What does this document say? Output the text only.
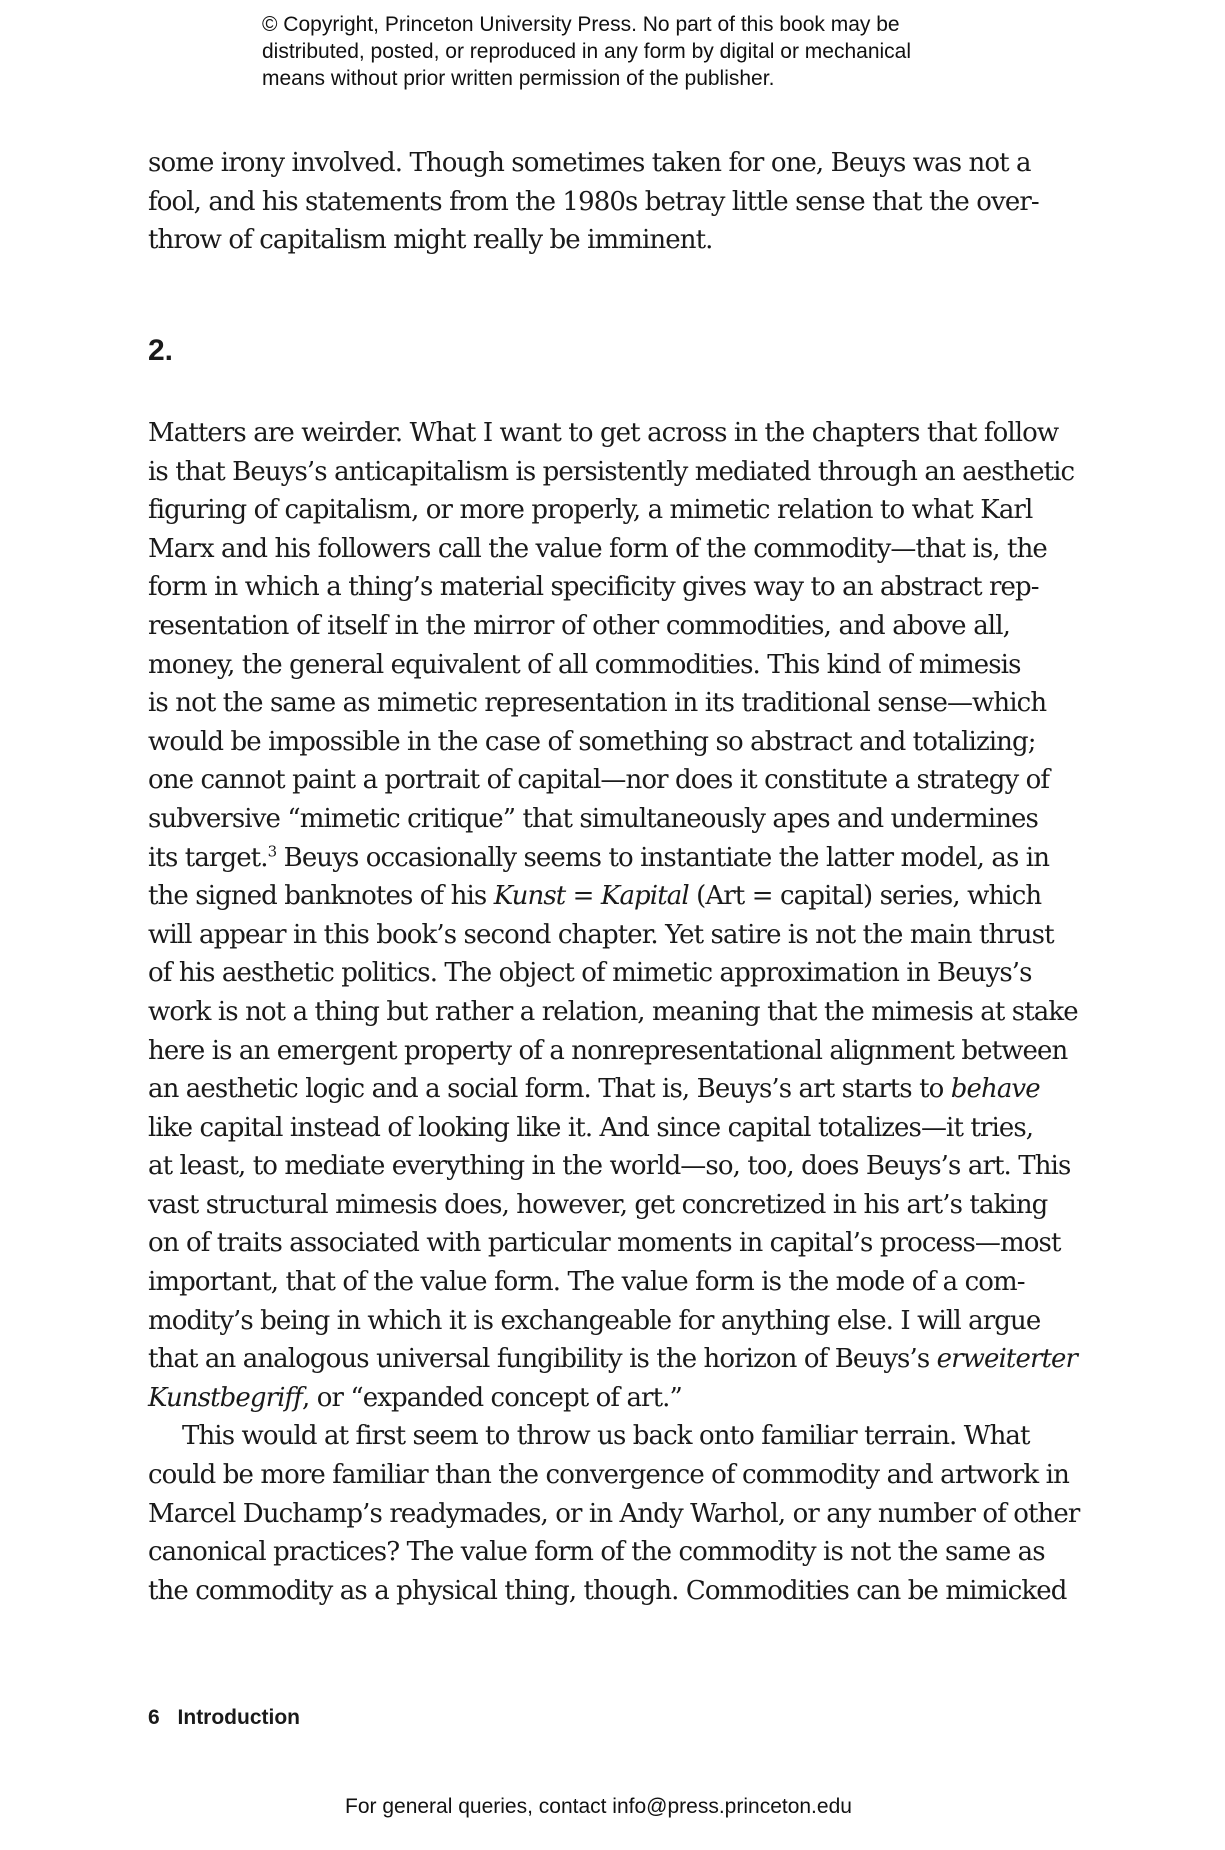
© Copyright, Princeton University Press. No part of this book may be
distributed, posted, or reproduced in any form by digital or mechanical
means without prior written permission of the publisher.
some irony involved. Though sometimes taken for one, Beuys was not a
fool, and his statements from the 1980s betray little sense that the over-
throw of capitalism might really be imminent.
2.
Matters are weirder. What I want to get across in the chapters that follow
is that Beuys’s anticapitalism is persistently mediated through an aesthetic
figuring of capitalism, or more properly, a mimetic relation to what Karl
Marx and his followers call the value form of the commodity—that is, the
form in which a thing’s material specificity gives way to an abstract rep-
resentation of itself in the mirror of other commodities, and above all,
money, the general equivalent of all commodities. This kind of mimesis
is not the same as mimetic representation in its traditional sense—which
would be impossible in the case of something so abstract and totalizing;
one cannot paint a portrait of capital—nor does it constitute a strategy of
subversive “mimetic critique” that simultaneously apes and undermines
its target.$^3$ Beuys occasionally seems to instantiate the latter model, as in
the signed banknotes of his Kunst = Kapital (Art = capital) series, which
will appear in this book’s second chapter. Yet satire is not the main thrust
of his aesthetic politics. The object of mimetic approximation in Beuys’s
work is not a thing but rather a relation, meaning that the mimesis at stake
here is an emergent property of a nonrepresentational alignment between
an aesthetic logic and a social form. That is, Beuys’s art starts to behave
like capital instead of looking like it. And since capital totalizes—it tries,
at least, to mediate everything in the world—so, too, does Beuys’s art. This
vast structural mimesis does, however, get concretized in his art’s taking
on of traits associated with particular moments in capital’s process—most
important, that of the value form. The value form is the mode of a com-
modity’s being in which it is exchangeable for anything else. I will argue
that an analogous universal fungibility is the horizon of Beuys’s erweiterter
Kunstbegriff, or “expanded concept of art.”
This would at first seem to throw us back onto familiar terrain. What
could be more familiar than the convergence of commodity and artwork in
Marcel Duchamp’s readymades, or in Andy Warhol, or any number of other
canonical practices? The value form of the commodity is not the same as
the commodity as a physical thing, though. Commodities can be mimicked
6 Introduction
For general queries, contact info@press.princeton.edu
